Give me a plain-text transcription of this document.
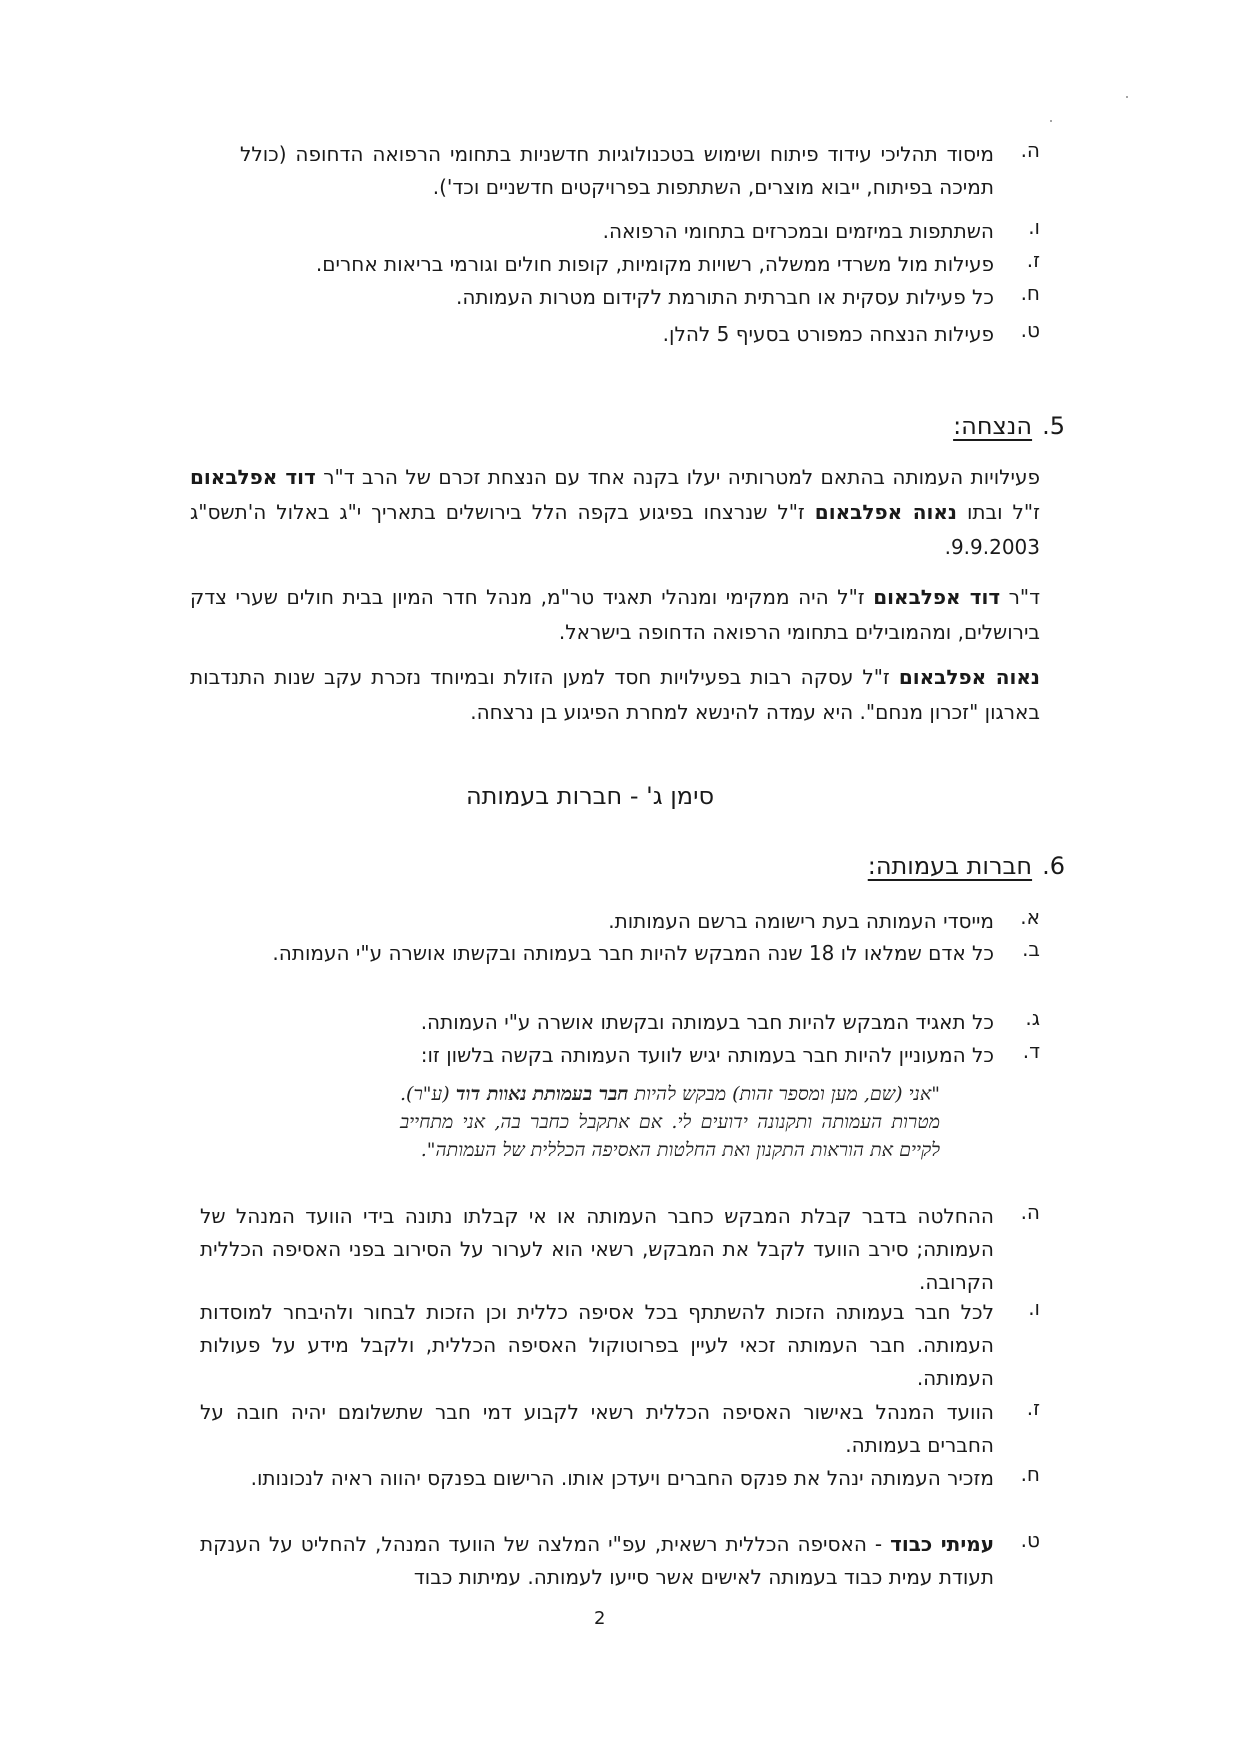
ה.
מיסוד תהליכי עידוד פיתוח ושימוש בטכנולוגיות חדשניות בתחומי הרפואה הדחופה (כולל תמיכה בפיתוח, ייבוא מוצרים, השתתפות בפרויקטים חדשניים וכד').
ו.
השתתפות במיזמים ובמכרזים בתחומי הרפואה.
ז.
פעילות מול משרדי ממשלה, רשויות מקומיות, קופות חולים וגורמי בריאות אחרים.
ח.
כל פעילות עסקית או חברתית התורמת לקידום מטרות העמותה.
ט.
פעילות הנצחה כמפורט בסעיף 5 להלן.
5.
הנצחה:
פעילויות העמותה בהתאם למטרותיה יעלו בקנה אחד עם הנצחת זכרם של הרב ד"ר דוד אפלבאום ז"ל ובתו נאוה אפלבאום ז"ל שנרצחו בפיגוע בקפה הלל בירושלים בתאריך י"ג באלול ה'תשס"ג 9.9.2003.
ד"ר דוד אפלבאום ז"ל היה ממקימי ומנהלי תאגיד טר"מ, מנהל חדר המיון בבית חולים שערי צדק בירושלים, ומהמובילים בתחומי הרפואה הדחופה בישראל.
נאוה אפלבאום ז"ל עסקה רבות בפעילויות חסד למען הזולת ובמיוחד נזכרת עקב שנות התנדבות בארגון "זכרון מנחם". היא עמדה להינשא למחרת הפיגוע בן נרצחה.
סימן ג' - חברות בעמותה
6.
חברות בעמותה:
א.
מייסדי העמותה בעת רישומה ברשם העמותות.
ב.
כל אדם שמלאו לו 18 שנה המבקש להיות חבר בעמותה ובקשתו אושרה ע"י העמותה.
ג.
כל תאגיד המבקש להיות חבר בעמותה ובקשתו אושרה ע"י העמותה.
ד.
כל המעוניין להיות חבר בעמותה יגיש לוועד העמותה בקשה בלשון זו:
"אני (שם, מען ומספר זהות) מבקש להיות חבר בעמותת נאוות דוד (ע"ר). מטרות העמותה ותקנונה ידועים לי. אם אתקבל כחבר בה, אני מתחייב לקיים את הוראות התקנון ואת החלטות האסיפה הכללית של העמותה".
ה.
ההחלטה בדבר קבלת המבקש כחבר העמותה או אי קבלתו נתונה בידי הוועד המנהל של העמותה; סירב הוועד לקבל את המבקש, רשאי הוא לערור על הסירוב בפני האסיפה הכללית הקרובה.
ו.
לכל חבר בעמותה הזכות להשתתף בכל אסיפה כללית וכן הזכות לבחור ולהיבחר למוסדות העמותה. חבר העמותה זכאי לעיין בפרוטוקול האסיפה הכללית, ולקבל מידע על פעולות העמותה.
ז.
הוועד המנהל באישור האסיפה הכללית רשאי לקבוע דמי חבר שתשלומם יהיה חובה על החברים בעמותה.
ח.
מזכיר העמותה ינהל את פנקס החברים ויעדכן אותו. הרישום בפנקס יהווה ראיה לנכונותו.
ט.
עמיתי כבוד - האסיפה הכללית רשאית, עפ"י המלצה של הוועד המנהל, להחליט על הענקת תעודת עמית כבוד בעמותה לאישים אשר סייעו לעמותה. עמיתות כבוד
2
